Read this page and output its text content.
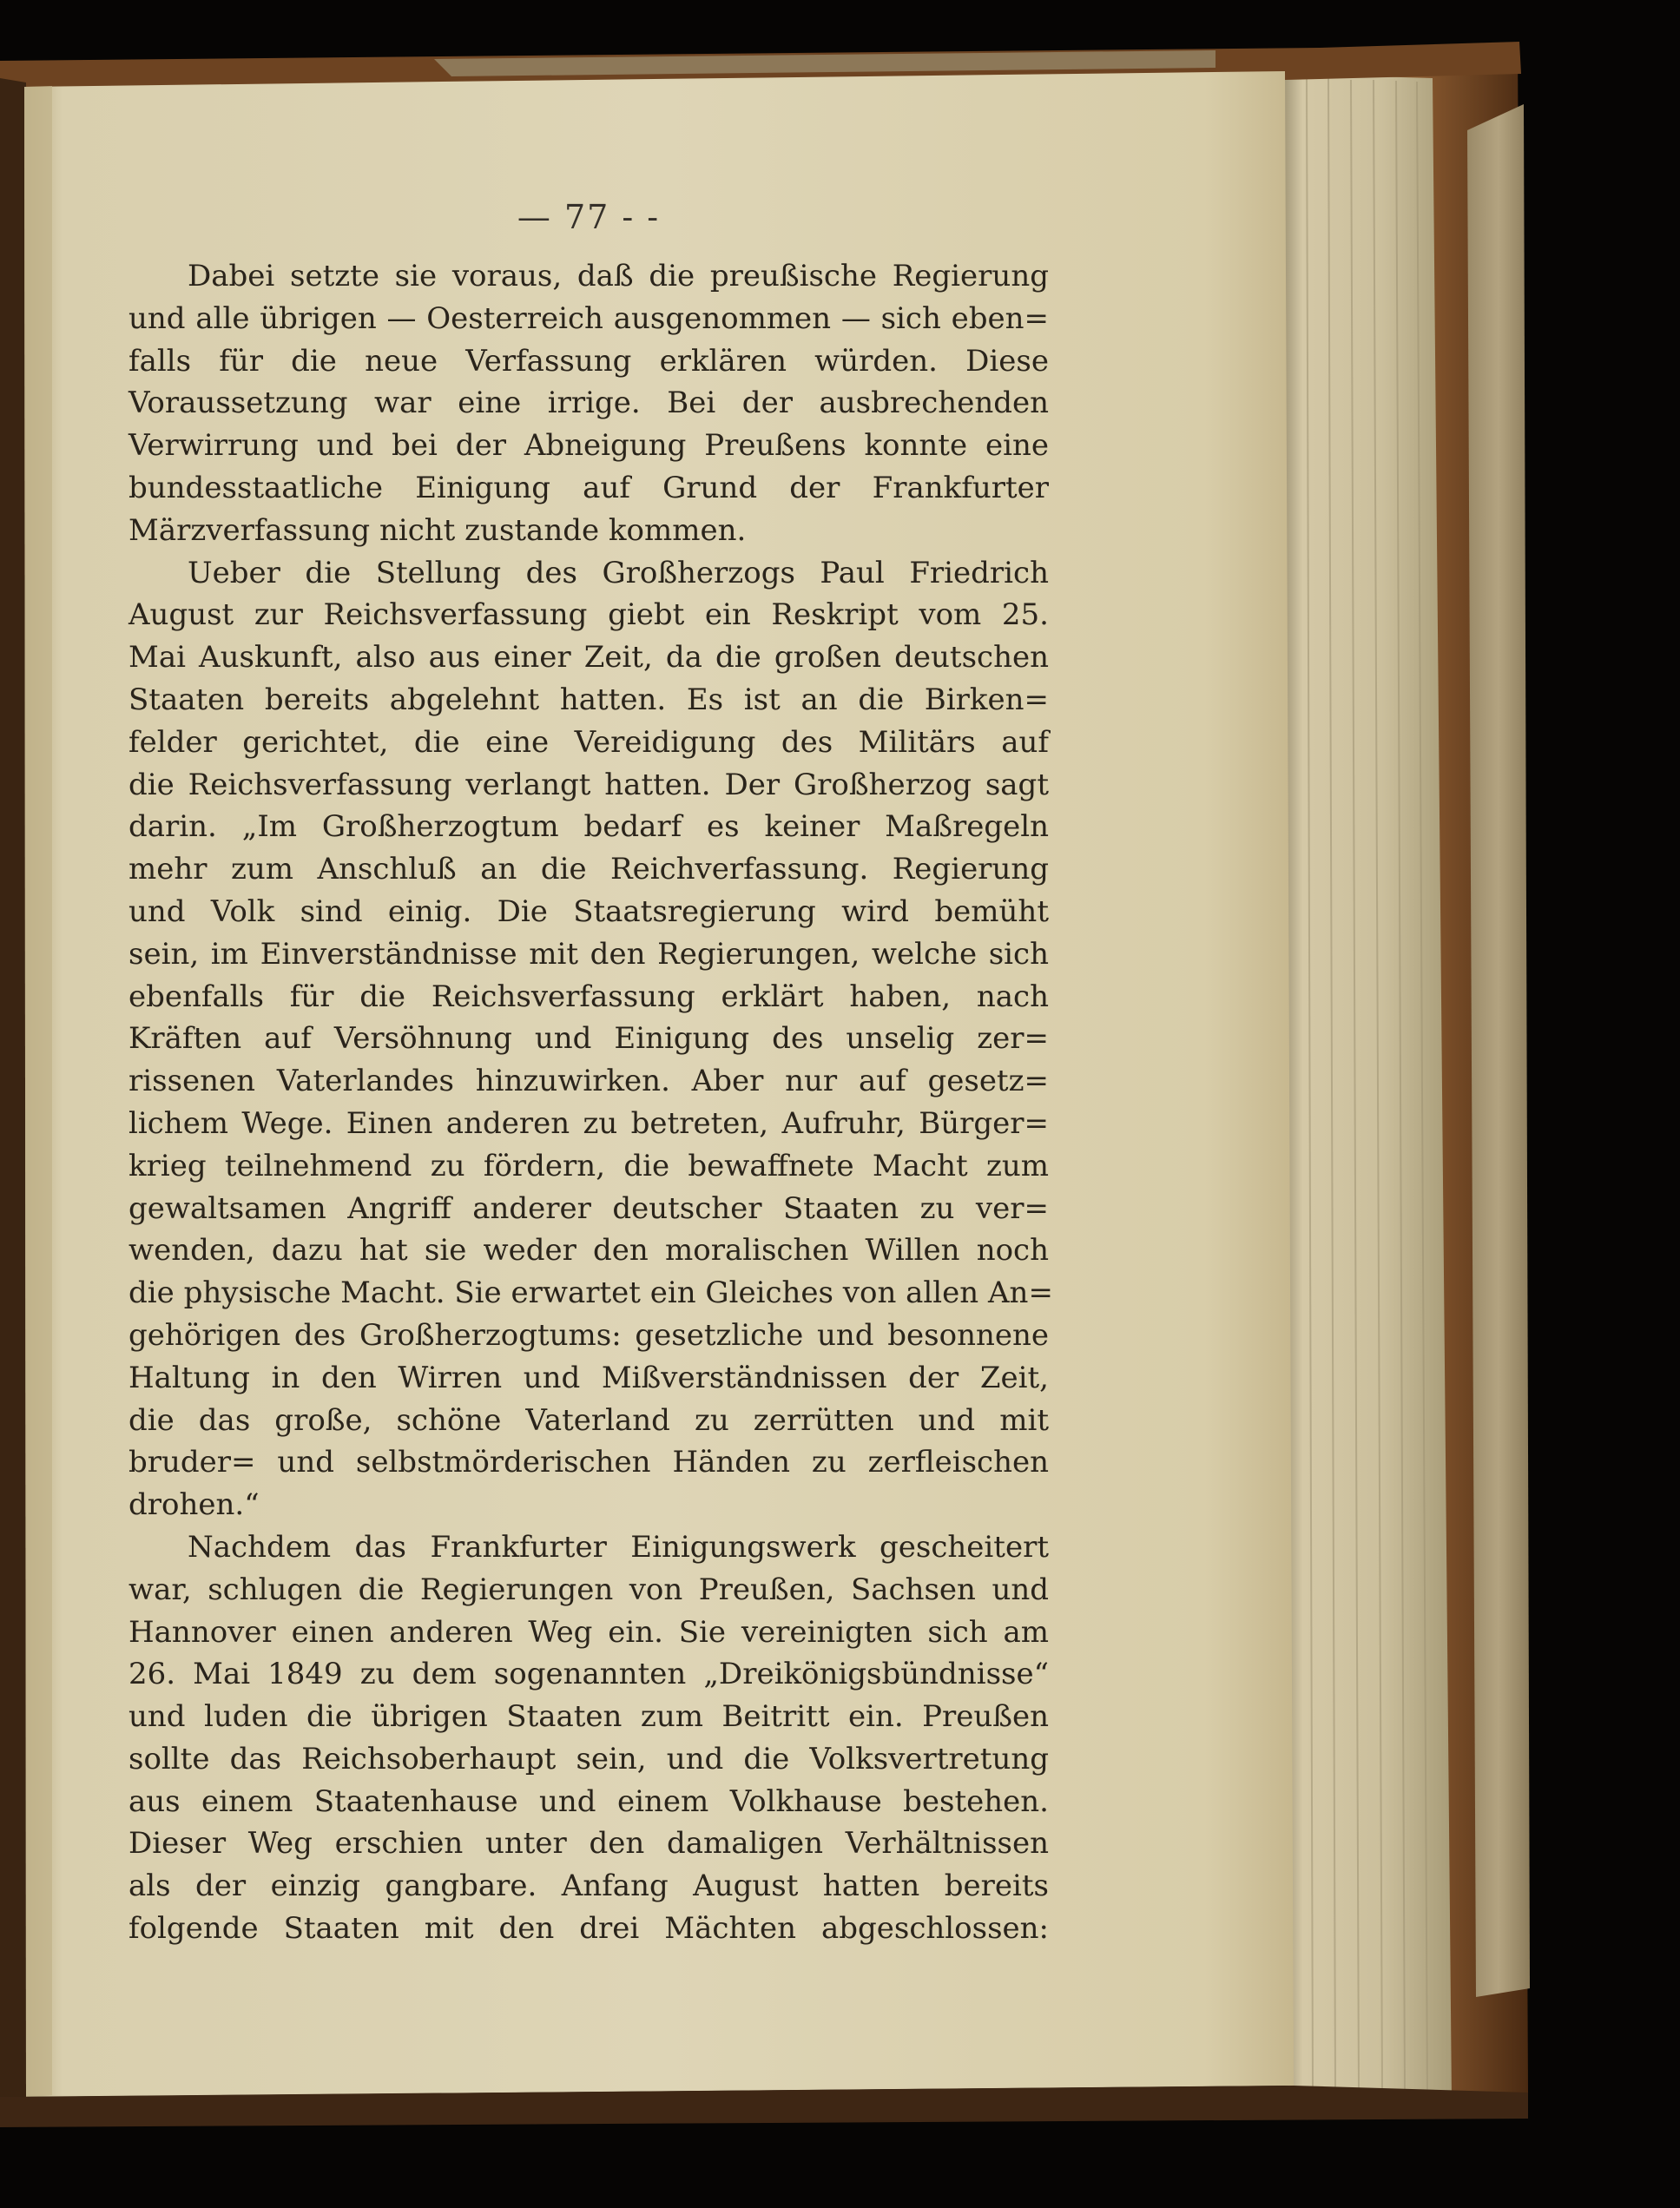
— 77 - -

Dabei setzte sie voraus, daß die preußische Regierung
und alle übrigen — Oesterreich ausgenommen — sich eben=
falls für die neue Verfassung erklären würden. Diese
Voraussetzung war eine irrige. Bei der ausbrechenden
Verwirrung und bei der Abneigung Preußens konnte eine
bundesstaatliche Einigung auf Grund der Frankfurter
Märzverfassung nicht zustande kommen.

Ueber die Stellung des Großherzogs Paul Friedrich
August zur Reichsverfassung giebt ein Reskript vom 25.
Mai Auskunft, also aus einer Zeit, da die großen deutschen
Staaten bereits abgelehnt hatten. Es ist an die Birken=
felder gerichtet, die eine Vereidigung des Militärs auf
die Reichsverfassung verlangt hatten. Der Großherzog sagt
darin. „Im Großherzogtum bedarf es keiner Maßregeln
mehr zum Anschluß an die Reichverfassung. Regierung
und Volk sind einig. Die Staatsregierung wird bemüht
sein, im Einverständnisse mit den Regierungen, welche sich
ebenfalls für die Reichsverfassung erklärt haben, nach
Kräften auf Versöhnung und Einigung des unselig zer=
rissenen Vaterlandes hinzuwirken. Aber nur auf gesetz=
lichem Wege. Einen anderen zu betreten, Aufruhr, Bürger=
krieg teilnehmend zu fördern, die bewaffnete Macht zum
gewaltsamen Angriff anderer deutscher Staaten zu ver=
wenden, dazu hat sie weder den moralischen Willen noch
die physische Macht. Sie erwartet ein Gleiches von allen An=
gehörigen des Großherzogtums: gesetzliche und besonnene
Haltung in den Wirren und Mißverständnissen der Zeit,
die das große, schöne Vaterland zu zerrütten und mit
bruder= und selbstmörderischen Händen zu zerfleischen
drohen.“

Nachdem das Frankfurter Einigungswerk gescheitert
war, schlugen die Regierungen von Preußen, Sachsen und
Hannover einen anderen Weg ein. Sie vereinigten sich am
26. Mai 1849 zu dem sogenannten „Dreikönigsbündnisse“
und luden die übrigen Staaten zum Beitritt ein. Preußen
sollte das Reichsoberhaupt sein, und die Volksvertretung
aus einem Staatenhause und einem Volkhause bestehen.
Dieser Weg erschien unter den damaligen Verhältnissen
als der einzig gangbare. Anfang August hatten bereits
folgende Staaten mit den drei Mächten abgeschlossen:
